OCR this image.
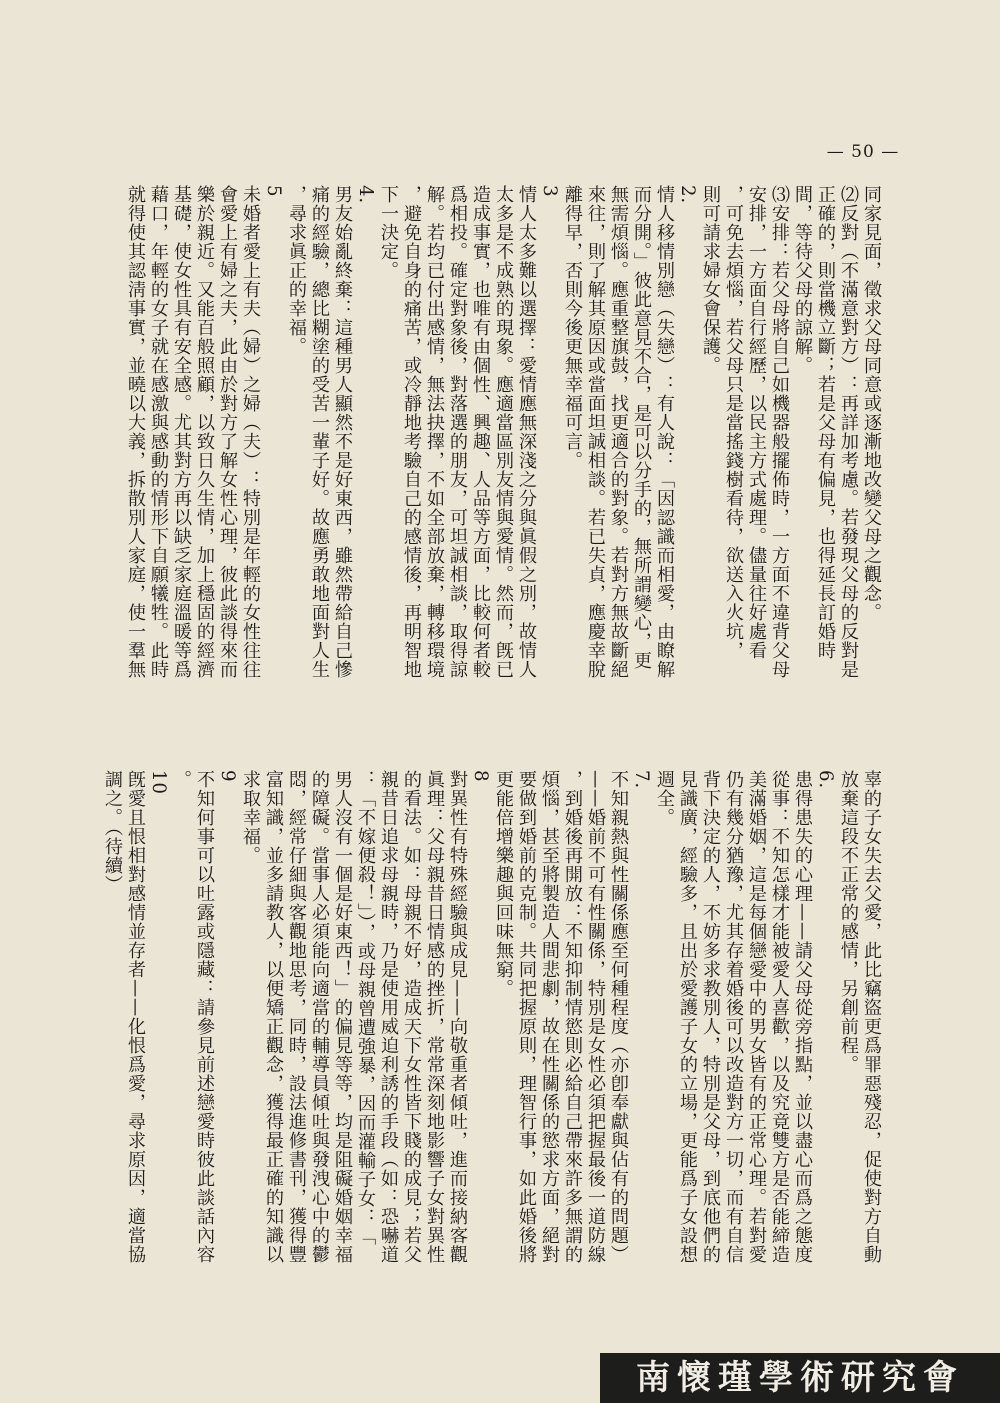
— 50 —
同家見面，徵求父母同意或逐漸地改變父母之觀念。
⑵反對（不滿意對方）：再詳加考慮。若發現父母的反對是
正確的，則當機立斷；若是父母有偏見，也得延長訂婚時
間，等待父母的諒解。
⑶安排：若父母將自己如機器般擺佈時，一方面不違背父母
安排，一方面自行經歷，以民主方式處理。儘量往好處看
，可免去煩惱，若父母只是當搖錢樹看待，欲送入火坑，
則可請求婦女會保護。
2.
情人移情別戀（失戀）：有人說：「因認識而相愛，由瞭解
而分開。」彼此意見不合，是可以分手的，無所謂變心，更
無需煩惱。應重整旗鼓，找更適合的對象。若對方無故斷絕
來往，則了解其原因或當面坦誠相談。若已失貞，應慶幸脫
離得早，否則今後更無幸福可言。
3
情人太多難以選擇：愛情應無深淺之分與眞假之別，故情人
太多是不成熟的現象。應適當區別友情與愛情。然而，旣已
造成事實，也唯有由個性、興趣、人品等方面，比較何者較
爲相投。確定對象後，對落選的朋友，可坦誠相談，取得諒
解。若均已付出感情，無法抉擇，不如全部放棄，轉移環境
，避免自身的痛苦，或冷靜地考驗自己的感情後，再明智地
下一決定。
4.
男友始亂終棄：這種男人顯然不是好東西，雖然帶給自己慘
痛的經驗，總比糊塗的受苦一輩子好。故應勇敢地面對人生
，尋求眞正的幸福。
5
未婚者愛上有夫（婦）之婦（夫）：特別是年輕的女性往往
會愛上有婦之夫，此由於對方了解女性心理，彼此談得來而
樂於親近。又能百般照顧，以致日久生情，加上穩固的經濟
基礎，使女性具有安全感。尤其對方再以缺乏家庭溫暖等爲
藉口，年輕的女子就在感激與感動的情形下自願犧牲。此時
就得使其認淸事實，並曉以大義，拆散別人家庭，使一羣無
辜的子女失去父愛，此比竊盜更爲罪惡殘忍，促使對方自動
放棄這段不正常的感情，另創前程。
6.
患得患失的心理——請父母從旁指點，並以盡心而爲之態度
從事：不知怎樣才能被愛人喜歡，以及究竟雙方是否能締造
美滿婚姻，這是每個戀愛中的男女皆有的正常心理。若對愛
仍有幾分猶豫，尤其存着婚後可以改造對方一切，而有自信
背下決定的人，不妨多求教別人，特別是父母，到底他們的
見識廣，經驗多，且出於愛護子女的立場，更能爲子女設想
週全。
7.
不知親熱與性關係應至何種程度（亦卽奉獻與佔有的問題）
——婚前不可有性關係，特別是女性必須把握最後一道防線
，到婚後再開放：不知抑制情慾則必給自己帶來許多無謂的
煩惱，甚至將製造人間悲劇，故在性關係的慾求方面，絕對
要做到婚前的克制。共同把握原則，理智行事，如此婚後將
更能倍增樂趣與回味無窮。
8
對異性有特殊經驗與成見——向敬重者傾吐，進而接納客觀
眞理：父母親昔日情感的挫折，常常深刻地影響子女對異性
的看法。如：母親不好，造成天下女性皆下賤的成見；若父
親昔日追求母親時，乃是使用威迫利誘的手段（如：恐嚇道
：「不嫁便殺！」），或母親曾遭強暴，因而灌輸子女：「
男人沒有一個是好東西！」的偏見等等，均是阻礙婚姻幸福
的障礙。當事人必須能向適當的輔導員傾吐與發洩心中的鬱
悶，經常仔細與客觀地思考，同時，設法進修書刊，獲得豐
富知識，並多請教人，以便矯正觀念，獲得最正確的知識以
求取幸福。
9
不知何事可以吐露或隱藏：請參見前述戀愛時彼此談話內容
。
10
旣愛且恨相對感情並存者——化恨爲愛，尋求原因，適當協
調之。（待續）
南懷瑾學術研究會
